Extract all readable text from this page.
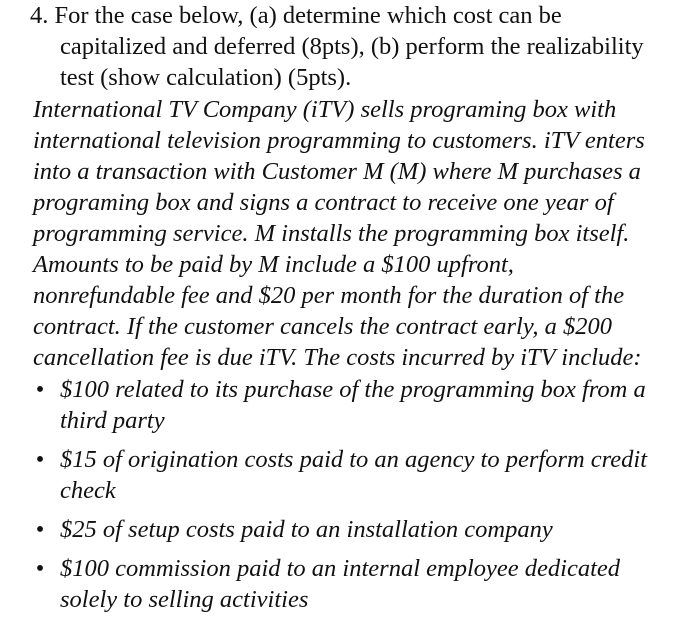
4. For the case below, (a) determine which cost can be
capitalized and deferred (8pts), (b) perform the realizability
test (show calculation) (5pts).
International TV Company (iTV) sells programing box with
international television programming to customers. iTV enters
into a transaction with Customer M (M) where M purchases a
programing box and signs a contract to receive one year of
programming service. M installs the programming box itself.
Amounts to be paid by M include a $100 upfront,
nonrefundable fee and $20 per month for the duration of the
contract. If the customer cancels the contract early, a $200
cancellation fee is due iTV. The costs incurred by iTV include:
• $100 related to its purchase of the programming box from a
third party
• $15 of origination costs paid to an agency to perform credit
check
• $25 of setup costs paid to an installation company
• $100 commission paid to an internal employee dedicated
solely to selling activities
